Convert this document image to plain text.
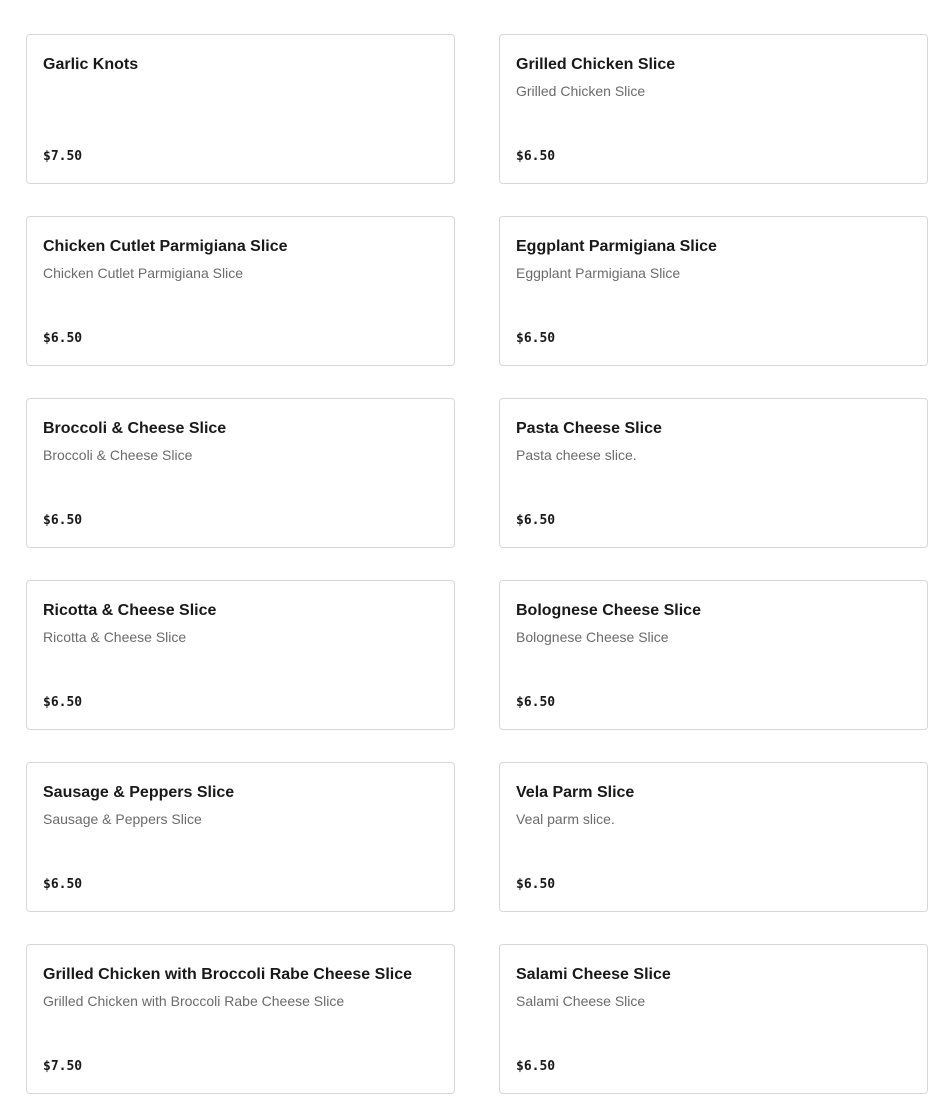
Garlic Knots
$7.50
Grilled Chicken Slice
Grilled Chicken Slice
$6.50
Chicken Cutlet Parmigiana Slice
Chicken Cutlet Parmigiana Slice
$6.50
Eggplant Parmigiana Slice
Eggplant Parmigiana Slice
$6.50
Broccoli & Cheese Slice
Broccoli & Cheese Slice
$6.50
Pasta Cheese Slice
Pasta cheese slice.
$6.50
Ricotta & Cheese Slice
Ricotta & Cheese Slice
$6.50
Bolognese Cheese Slice
Bolognese Cheese Slice
$6.50
Sausage & Peppers Slice
Sausage & Peppers Slice
$6.50
Vela Parm Slice
Veal parm slice.
$6.50
Grilled Chicken with Broccoli Rabe Cheese Slice
Grilled Chicken with Broccoli Rabe Cheese Slice
$7.50
Salami Cheese Slice
Salami Cheese Slice
$6.50
